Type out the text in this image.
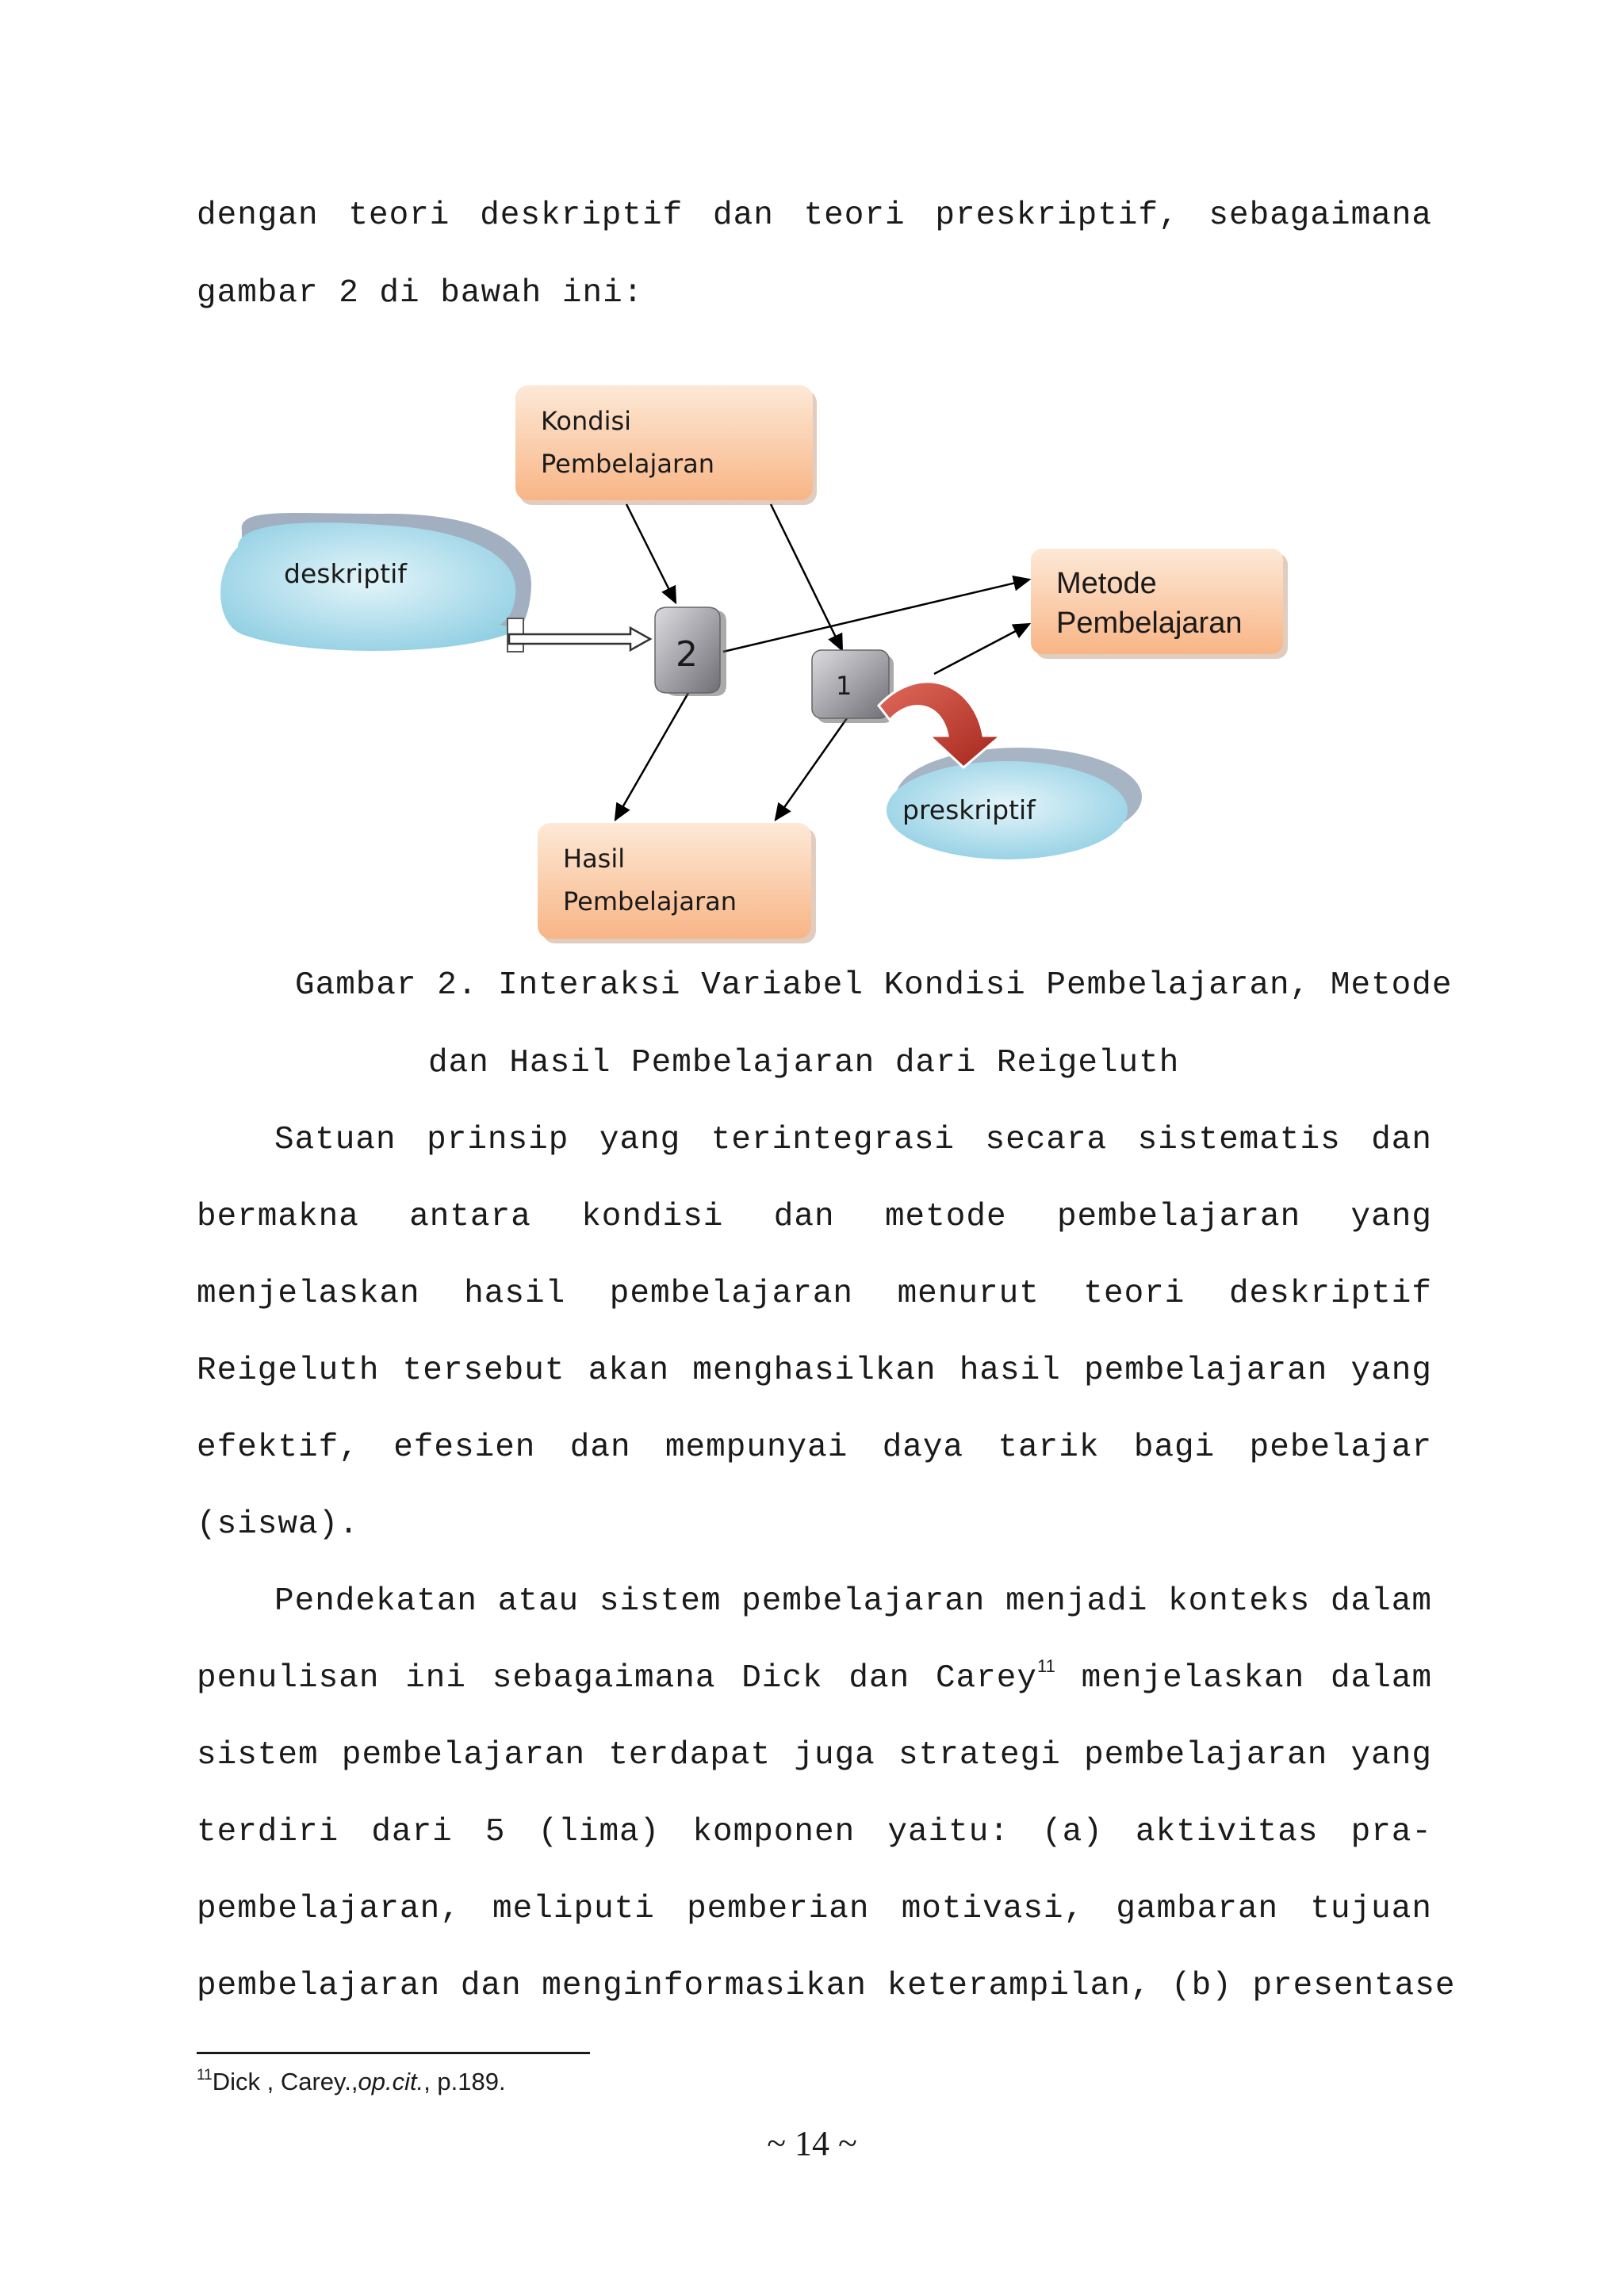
dengan teori deskriptif dan teori preskriptif, sebagaimana
gambar 2 di bawah ini:
deskriptif
preskriptif
Kondisi
Pembelajaran
Metode
Pembelajaran
Hasil
Pembelajaran
2
1
Gambar 2. Interaksi Variabel Kondisi Pembelajaran, Metode
dan Hasil Pembelajaran dari Reigeluth
Satuan prinsip yang terintegrasi secara sistematis dan
bermakna antara kondisi dan metode pembelajaran yang
menjelaskan hasil pembelajaran menurut teori deskriptif
Reigeluth tersebut akan menghasilkan hasil pembelajaran yang
efektif, efesien dan mempunyai daya tarik bagi pebelajar
(siswa).
Pendekatan atau sistem pembelajaran menjadi konteks dalam
penulisan ini sebagaimana Dick dan Carey$^{11}$ menjelaskan dalam
sistem pembelajaran terdapat juga strategi pembelajaran yang
terdiri dari 5 (lima) komponen yaitu: (a) aktivitas pra-
pembelajaran, meliputi pemberian motivasi, gambaran tujuan
pembelajaran dan menginformasikan keterampilan, (b) presentase
$^{11}$Dick , Carey.,op.cit., p.189.
~ 14 ~
